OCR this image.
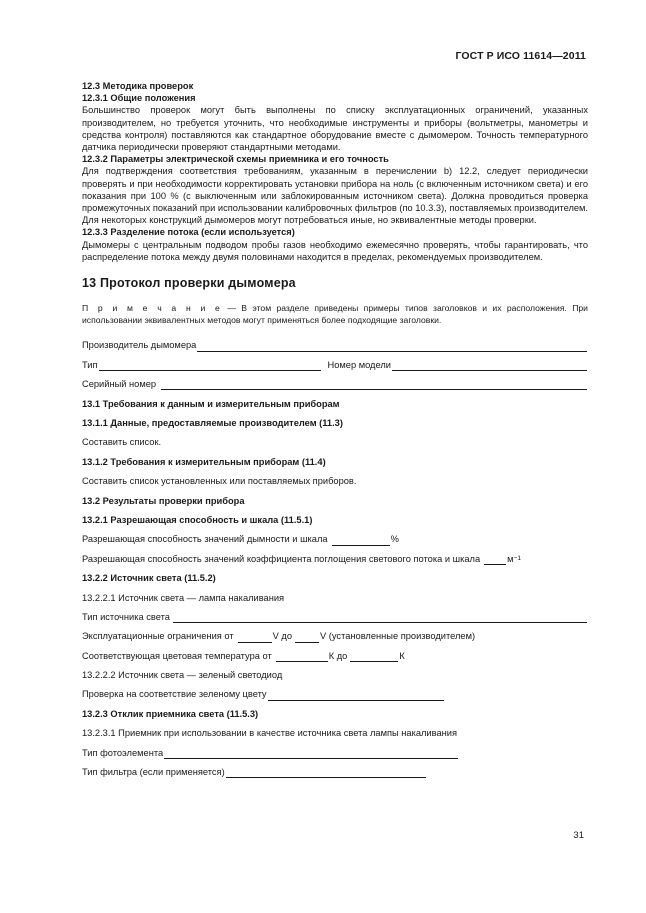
ГОСТ Р ИСО 11614—2011
12.3 Методика проверок
12.3.1 Общие положения

Большинство проверок могут быть выполнены по списку эксплуатационных ограничений, указанных производителем, но требуется уточнить, что необходимые инструменты и приборы (вольтметры, манометры и средства контроля) поставляются как стандартное оборудование вместе с дымомером. Точность температурного датчика периодически проверяют стандартными методами.

12.3.2 Параметры электрической схемы приемника и его точность

Для подтверждения соответствия требованиям, указанным в перечислении b) 12.2, следует периодически проверять и при необходимости корректировать установки прибора на ноль (с включенным источником света) и его показания при 100 % (с выключенным или заблокированным источником света). Должна проводиться проверка промежуточных показаний при использовании калибровочных фильтров (по 10.3.3), поставляемых производителем. Для некоторых конструкций дымомеров могут потребоваться иные, но эквивалентные методы проверки.

12.3.3 Разделение потока (если используется)

Дымомеры с центральным подводом пробы газов необходимо ежемесячно проверять, чтобы гарантировать, что распределение потока между двумя половинами находится в пределах, рекомендуемых производителем.

13 Протокол проверки дымомера
П р и м е ч а н и е — В этом разделе приведены примеры типов заголовков и их расположения. При использовании эквивалентных методов могут применяться более подходящие заголовки.
Производитель дымомера
Тип	Номер модели
Серийный номер
13.1 Требования к данным и измерительным приборам
13.1.1 Данные, предоставляемые производителем (11.3)
Составить список.
13.1.2 Требования к измерительным приборам (11.4)
Составить список установленных или поставляемых приборов.
13.2 Результаты проверки прибора
13.2.1 Разрешающая способность и шкала (11.5.1)
Разрешающая способность значений дымности и шкала	%
Разрешающая способность значений коэффициента поглощения светового потока и шкала	м −1
13.2.2 Источник света (11.5.2)
13.2.2.1 Источник света — лампа накаливания
Тип источника света
Эксплуатационные ограничения от	V до	V (установленные производителем)
Соответствующая цветовая температура от	К до	К
13.2.2.2 Источник света — зеленый светодиод
Проверка на соответствие зеленому цвету
13.2.3 Отклик приемника света (11.5.3)
13.2.3.1 Приемник при использовании в качестве источника света лампы накаливания
Тип фотоэлемента
Тип фильтра (если применяется)
31
